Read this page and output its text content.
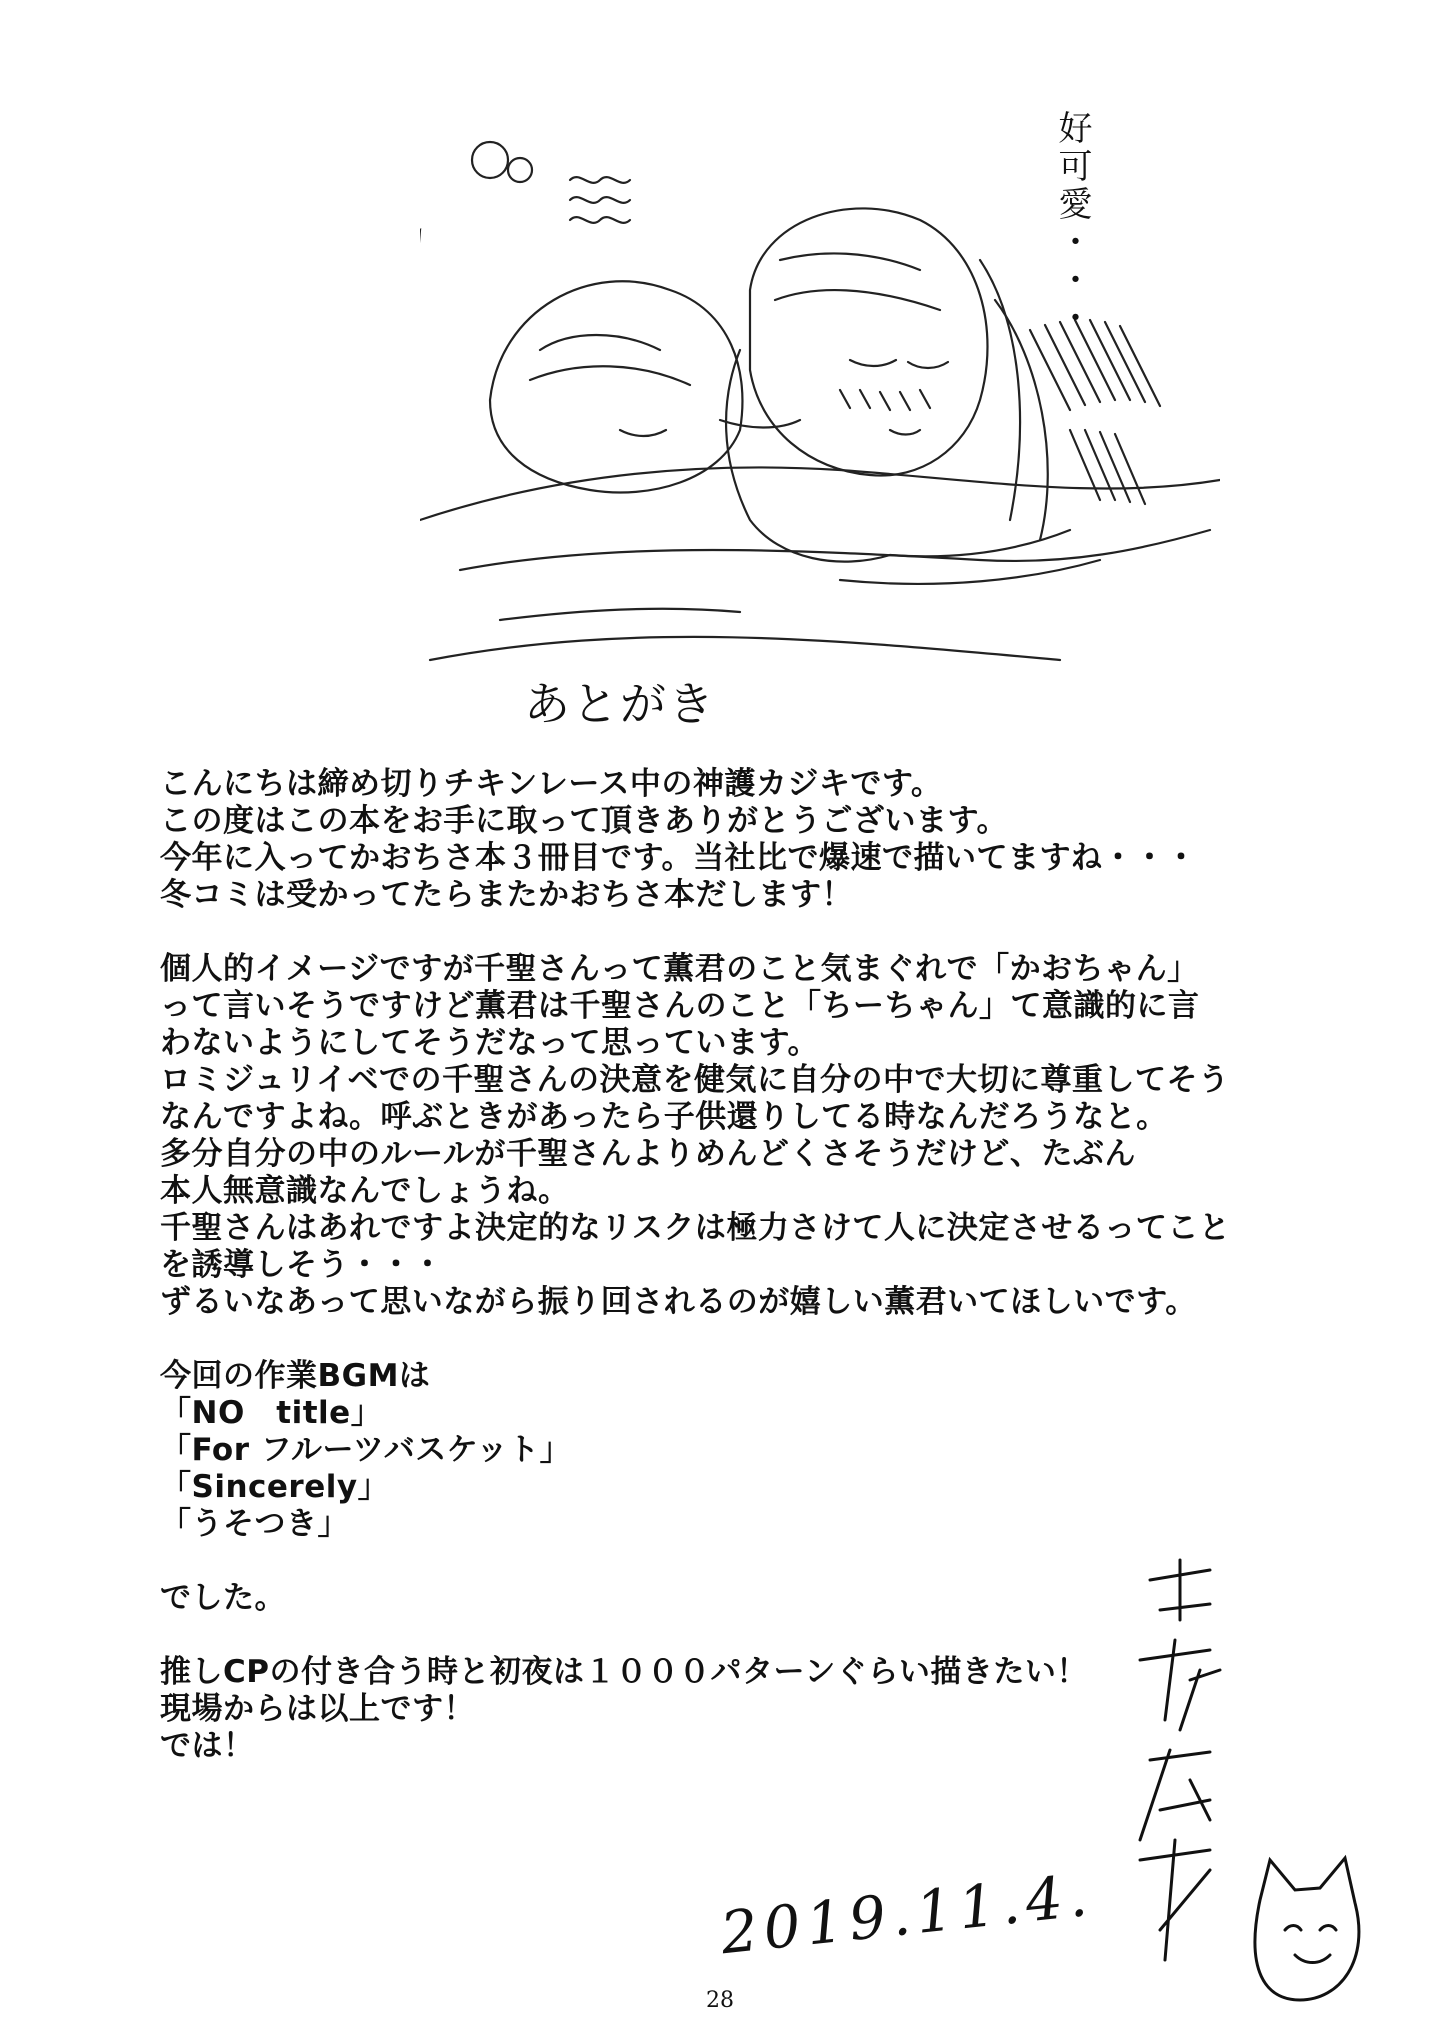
好可愛・・・
あとがき

こんにちは締め切りチキンレース中の神護カジキです。

この度はこの本をお手に取って頂きありがとうございます。

今年に入ってかおちさ本３冊目です。当社比で爆速で描いてますね・・・

冬コミは受かってたらまたかおちさ本だします！

個人的イメージですが千聖さんって薫君のこと気まぐれで「かおちゃん」

って言いそうですけど薫君は千聖さんのこと「ちーちゃん」て意識的に言

わないようにしてそうだなって思っています。

ロミジュリイベでの千聖さんの決意を健気に自分の中で大切に尊重してそう

なんですよね。呼ぶときがあったら子供還りしてる時なんだろうなと。

多分自分の中のルールが千聖さんよりめんどくさそうだけど、たぶん

本人無意識なんでしょうね。

千聖さんはあれですよ決定的なリスクは極力さけて人に決定させるってこと

を誘導しそう・・・

ずるいなあって思いながら振り回されるのが嬉しい薫君いてほしいです。

今回の作業BGMは

「NO　title」

「For フルーツバスケット」

「Sincerely」

「うそつき」

でした。

推しCPの付き合う時と初夜は１０００パターンぐらい描きたい！

現場からは以上です！

では！

2019.11.4.
28
